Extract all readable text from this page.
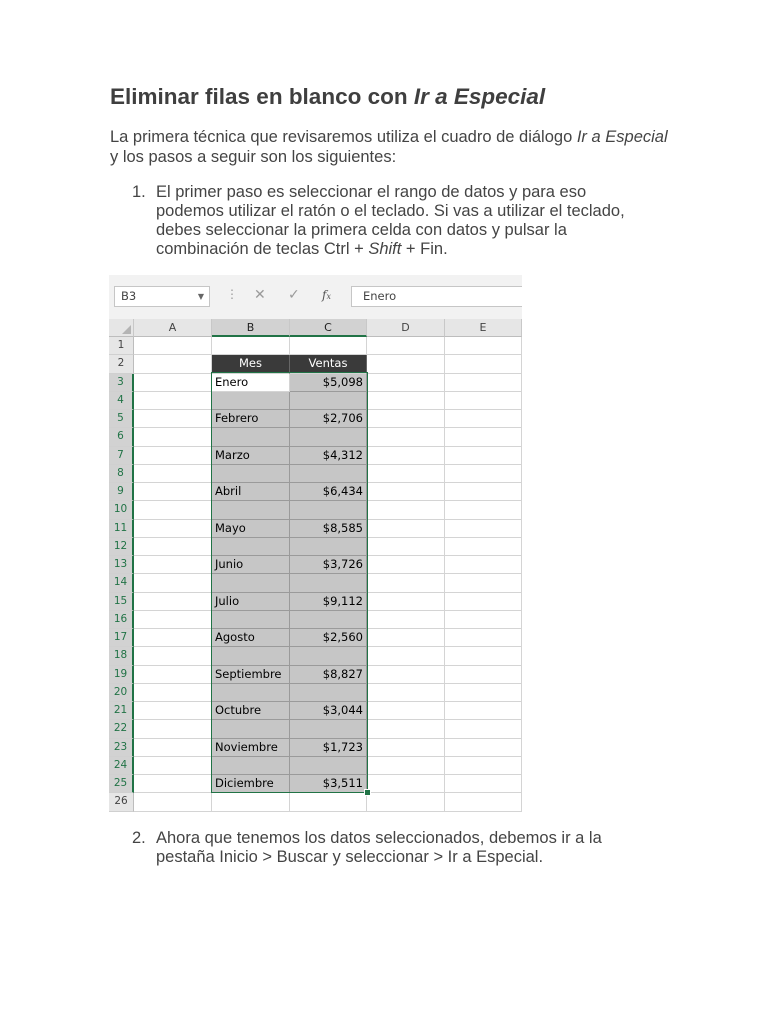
Eliminar filas en blanco con Ir a Especial

La primera técnica que revisaremos utiliza el cuadro de diálogo Ir a Especial y los pasos a seguir son los siguientes:

1. El primer paso es seleccionar el rango de datos y para eso podemos utilizar el ratón o el teclado. Si vas a utilizar el teclado, debes seleccionar la primera celda con datos y pulsar la combinación de teclas Ctrl + Shift + Fin.
B3	▼ ⋮ ✕ ✓ fx	Enero
A	B	C	D	E
1
2	Mes	Ventas
3	Enero	$5,098
4
5	Febrero	$2,706
6
7	Marzo	$4,312
8
9	Abril	$6,434
10
11	Mayo	$8,585
12
13	Junio	$3,726
14
15	Julio	$9,112
16
17	Agosto	$2,560
18
19	Septiembre	$8,827
20
21	Octubre	$3,044
22
23	Noviembre	$1,723
24
25	Diciembre	$3,511
26
2. Ahora que tenemos los datos seleccionados, debemos ir a la pestaña Inicio > Buscar y seleccionar > Ir a Especial.
